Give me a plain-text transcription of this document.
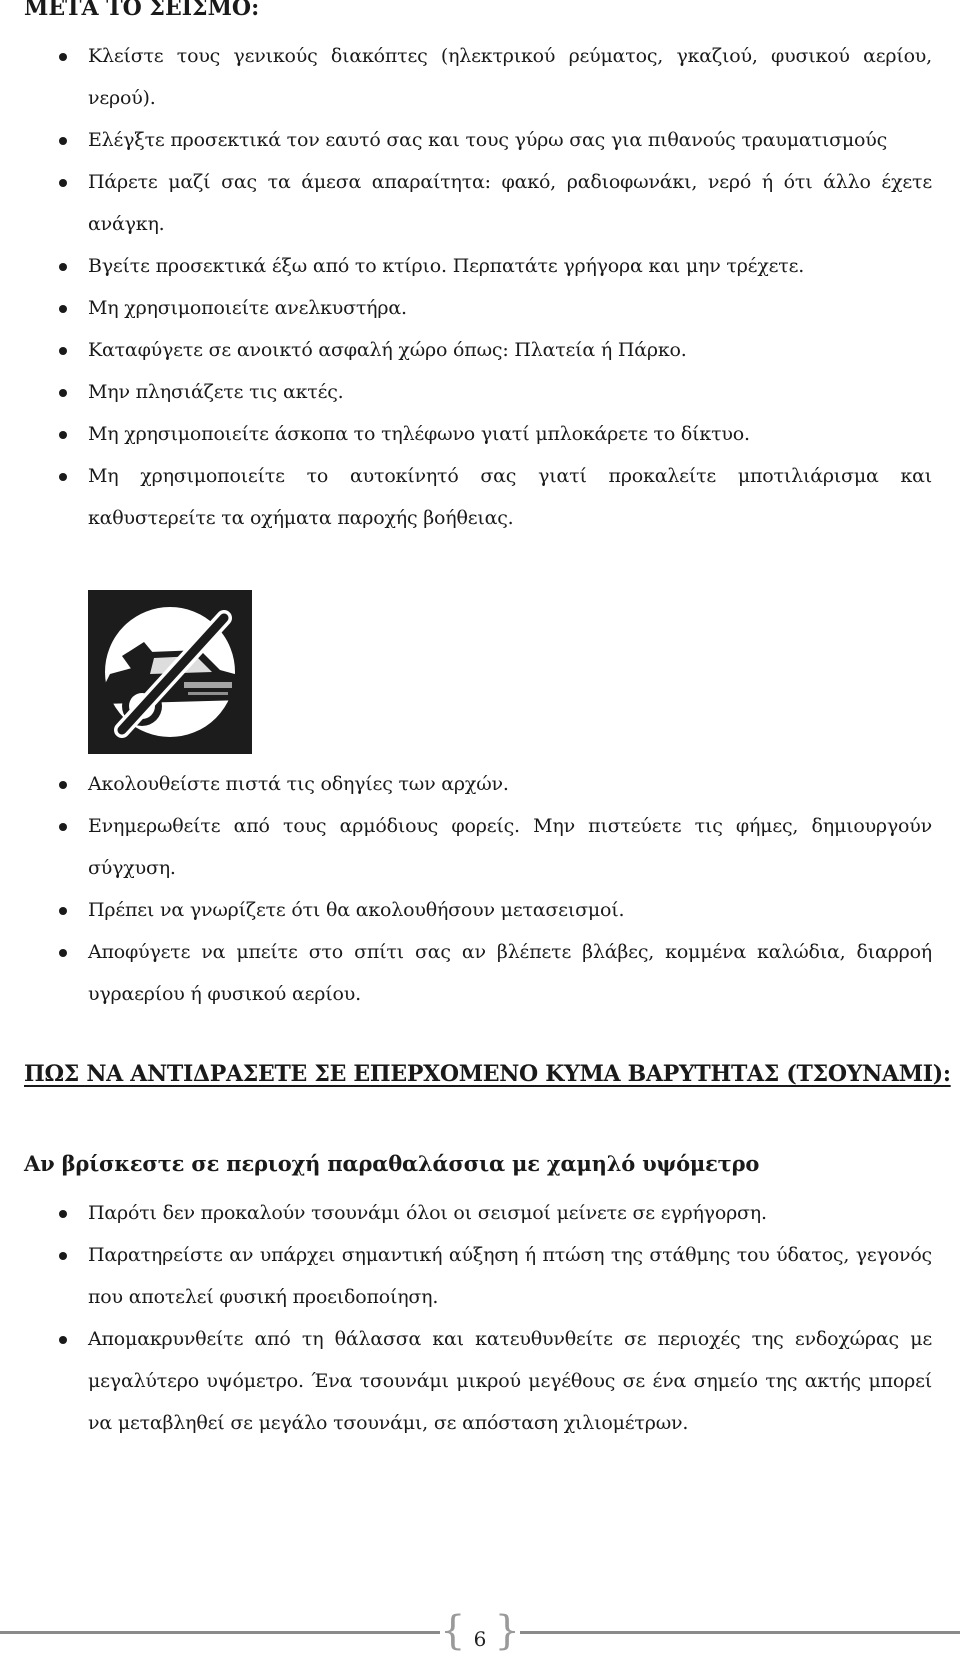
ΜΕΤΑ ΤΟ ΣΕΙΣΜΟ:
Κλείστε τους γενικούς διακόπτες (ηλεκτρικού ρεύματος, γκαζιού, φυσικού αερίου, νερού).
Ελέγξτε προσεκτικά τον εαυτό σας και τους γύρω σας για πιθανούς τραυματισμούς
Πάρετε μαζί σας τα άμεσα απαραίτητα: φακό, ραδιοφωνάκι, νερό ή ότι άλλο έχετε ανάγκη.
Βγείτε προσεκτικά έξω από το κτίριο. Περπατάτε γρήγορα και μην τρέχετε.
Μη χρησιμοποιείτε ανελκυστήρα.
Καταφύγετε σε ανοικτό ασφαλή χώρο όπως: Πλατεία ή Πάρκο.
Μην πλησιάζετε τις ακτές.
Μη χρησιμοποιείτε άσκοπα το τηλέφωνο γιατί μπλοκάρετε το δίκτυο.
Μη χρησιμοποιείτε το αυτοκίνητό σας γιατί προκαλείτε μποτιλιάρισμα και καθυστερείτε τα οχήματα παροχής βοήθειας.
Ακολουθείστε πιστά τις οδηγίες των αρχών.
Ενημερωθείτε από τους αρμόδιους φορείς. Μην πιστεύετε τις φήμες, δημιουργούν σύγχυση.
Πρέπει να γνωρίζετε ότι θα ακολουθήσουν μετασεισμοί.
Αποφύγετε να μπείτε στο σπίτι σας αν βλέπετε βλάβες, κομμένα καλώδια, διαρροή υγραερίου ή φυσικού αερίου.
ΠΩΣ ΝΑ ΑΝΤΙΔΡΑΣΕΤΕ ΣΕ ΕΠΕΡΧΟΜΕΝΟ ΚΥΜΑ ΒΑΡΥΤΗΤΑΣ (ΤΣΟΥΝΑΜΙ):
Αν βρίσκεστε σε περιοχή παραθαλάσσια με χαμηλό υψόμετρο
Παρότι δεν προκαλούν τσουνάμι όλοι οι σεισμοί μείνετε σε εγρήγορση.
Παρατηρείστε αν υπάρχει σημαντική αύξηση ή πτώση της στάθμης του ύδατος, γεγονός που αποτελεί φυσική προειδοποίηση.
Απομακρυνθείτε από τη θάλασσα και κατευθυνθείτε σε περιοχές της ενδοχώρας με μεγαλύτερο υψόμετρο. Ένα τσουνάμι μικρού μεγέθους σε ένα σημείο της ακτής μπορεί να μεταβληθεί σε μεγάλο τσουνάμι, σε απόσταση χιλιομέτρων.
{ 6 }
